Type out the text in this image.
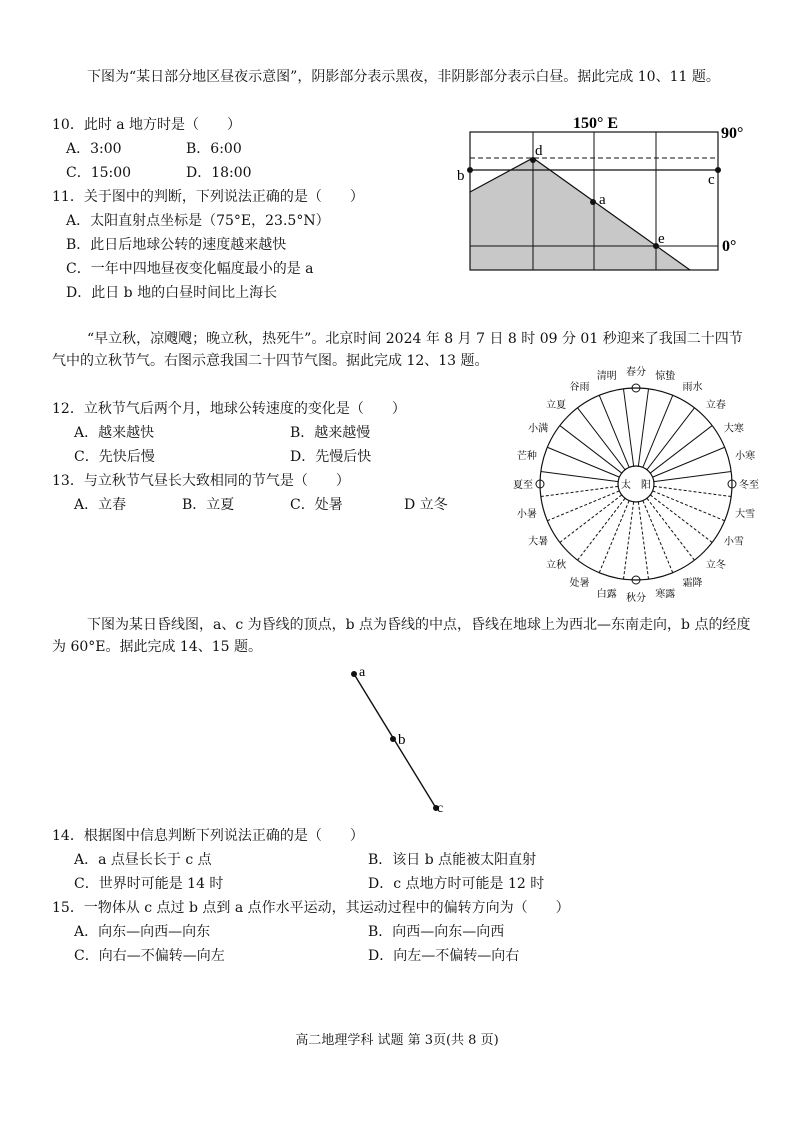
下图为“某日部分地区昼夜示意图”，阴影部分表示黑夜，非阴影部分表示白昼。据此完成 10、11 题。
10．此时 a 地方时是（　　）
A．3:00	B．6:00
C．15:00	D．18:00
11．关于图中的判断，下列说法正确的是（　　）
A．太阳直射点坐标是（75°E，23.5°N）
B．此日后地球公转的速度越来越快
C．一年中四地昼夜变化幅度最小的是 a
D．此日 b 地的白昼时间比上海长
150° E
90°
0°
b	c
d
a
e
“早立秋，凉飕飕；晚立秋，热死牛”。北京时间 2024 年 8 月 7 日 8 时 09 分 01 秒迎来了我国二十四节气中的立秋节气。右图示意我国二十四节气图。据此完成 12、13 题。
12．立秋节气后两个月，地球公转速度的变化是（　　）
A．越来越快	B．越来越慢
C．先快后慢	D．先慢后快
13．与立秋节气昼长大致相同的节气是（　　）
A．立春	B．立夏	C．处暑	D 立冬
太　阳
春分 惊蛰
雨水
立春
大寒
小寒
冬至
大雪
小雪
立冬
霜降
寒露
秋分
白露
处暑
立秋
大暑
小暑
夏至
芒种
小满
立夏
谷雨
清明
下图为某日昏线图，a、c 为昏线的顶点，b 点为昏线的中点，昏线在地球上为西北—东南走向，b 点的经度为 60°E。据此完成 14、15 题。
a
b
c
14．根据图中信息判断下列说法正确的是（　　）
A．a 点昼长长于 c 点	B．该日 b 点能被太阳直射
C．世界时可能是 14 时	D．c 点地方时可能是 12 时
15．一物体从 c 点过 b 点到 a 点作水平运动，其运动过程中的偏转方向为（　　）
A．向东—向西—向东	B．向西—向东—向西
C．向右—不偏转—向左	D．向左—不偏转—向右
高二地理学科 试题 第 3页(共 8 页)
